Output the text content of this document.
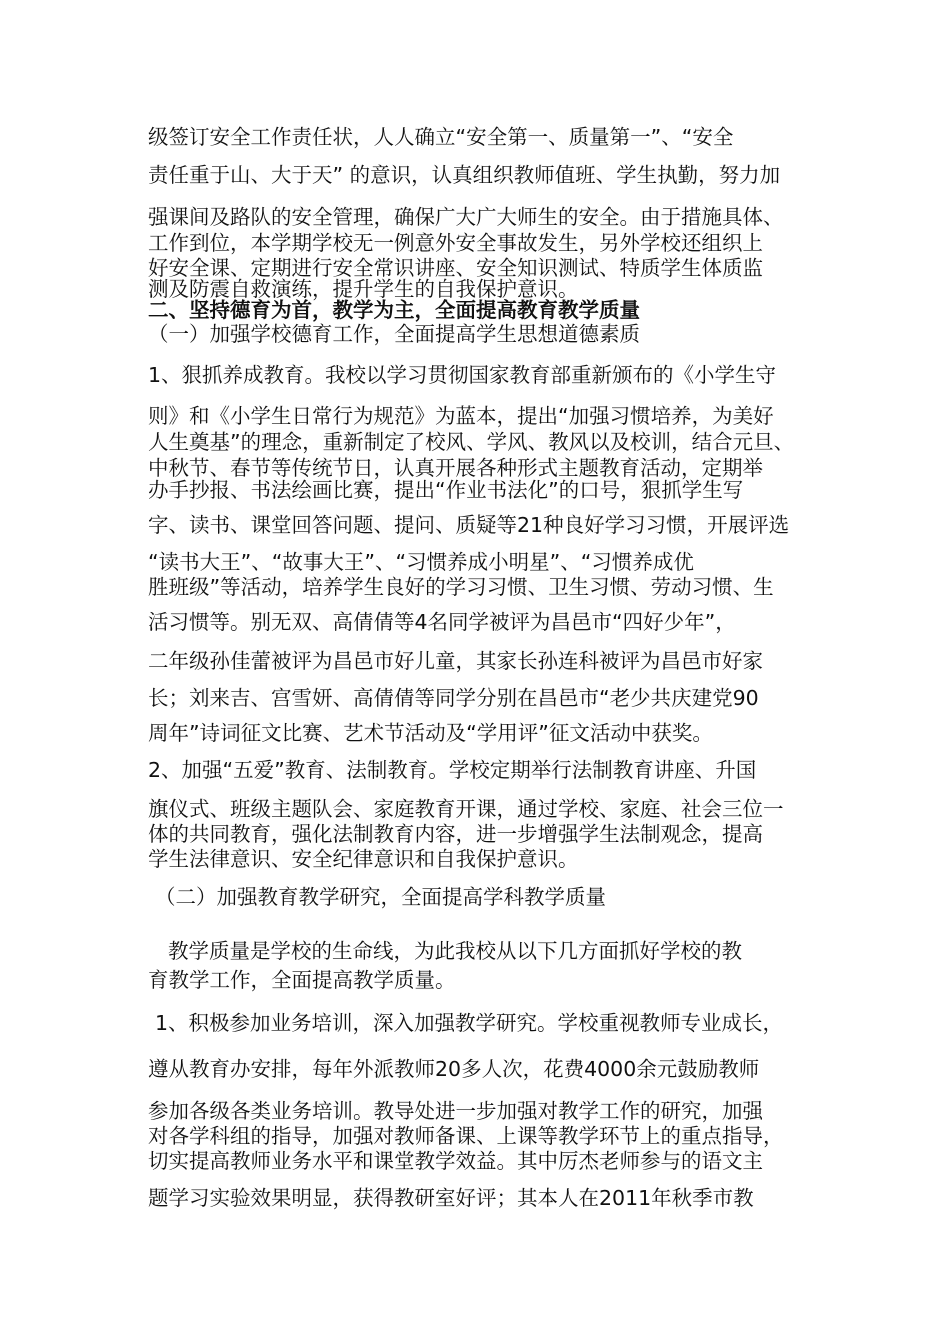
级签订安全工作责任状，人人确立“安全第一、质量第一”、“安全
责任重于山、大于天” 的意识，认真组织教师值班、学生执勤，努力加
强课间及路队的安全管理，确保广大广大师生的安全。由于措施具体、
工作到位，本学期学校无一例意外安全事故发生，另外学校还组织上
好安全课、定期进行安全常识讲座、安全知识测试、特质学生体质监
测及防震自救演练，提升学生的自我保护意识。
二、坚持德育为首，教学为主，全面提高教育教学质量
（一）加强学校德育工作，全面提高学生思想道德素质
1、狠抓养成教育。我校以学习贯彻国家教育部重新颁布的《小学生守
则》和《小学生日常行为规范》为蓝本，提出“加强习惯培养，为美好
人生奠基”的理念，重新制定了校风、学风、教风以及校训，结合元旦、
中秋节、春节等传统节日，认真开展各种形式主题教育活动，定期举
办手抄报、书法绘画比赛，提出“作业书法化”的口号，狠抓学生写
字、读书、课堂回答问题、提问、质疑等21种良好学习习惯，开展评选
“读书大王”、“故事大王”、“习惯养成小明星”、“习惯养成优
胜班级”等活动，培养学生良好的学习习惯、卫生习惯、劳动习惯、生
活习惯等。别无双、高倩倩等4名同学被评为昌邑市“四好少年”，
二年级孙佳蕾被评为昌邑市好儿童，其家长孙连科被评为昌邑市好家
长；刘来吉、宫雪妍、高倩倩等同学分别在昌邑市“老少共庆建党90
周年”诗词征文比赛、艺术节活动及“学用评”征文活动中获奖。
2、加强“五爱”教育、法制教育。学校定期举行法制教育讲座、升国
旗仪式、班级主题队会、家庭教育开课，通过学校、家庭、社会三位一
体的共同教育，强化法制教育内容，进一步增强学生法制观念，提高
学生法律意识、安全纪律意识和自我保护意识。
（二）加强教育教学研究，全面提高学科教学质量
教学质量是学校的生命线，为此我校从以下几方面抓好学校的教
育教学工作，全面提高教学质量。
1、积极参加业务培训，深入加强教学研究。学校重视教师专业成长，
遵从教育办安排，每年外派教师20多人次，花费4000余元鼓励教师
参加各级各类业务培训。教导处进一步加强对教学工作的研究，加强
对各学科组的指导，加强对教师备课、上课等教学环节上的重点指导，
切实提高教师业务水平和课堂教学效益。其中厉杰老师参与的语文主
题学习实验效果明显，获得教研室好评；其本人在2011年秋季市教
